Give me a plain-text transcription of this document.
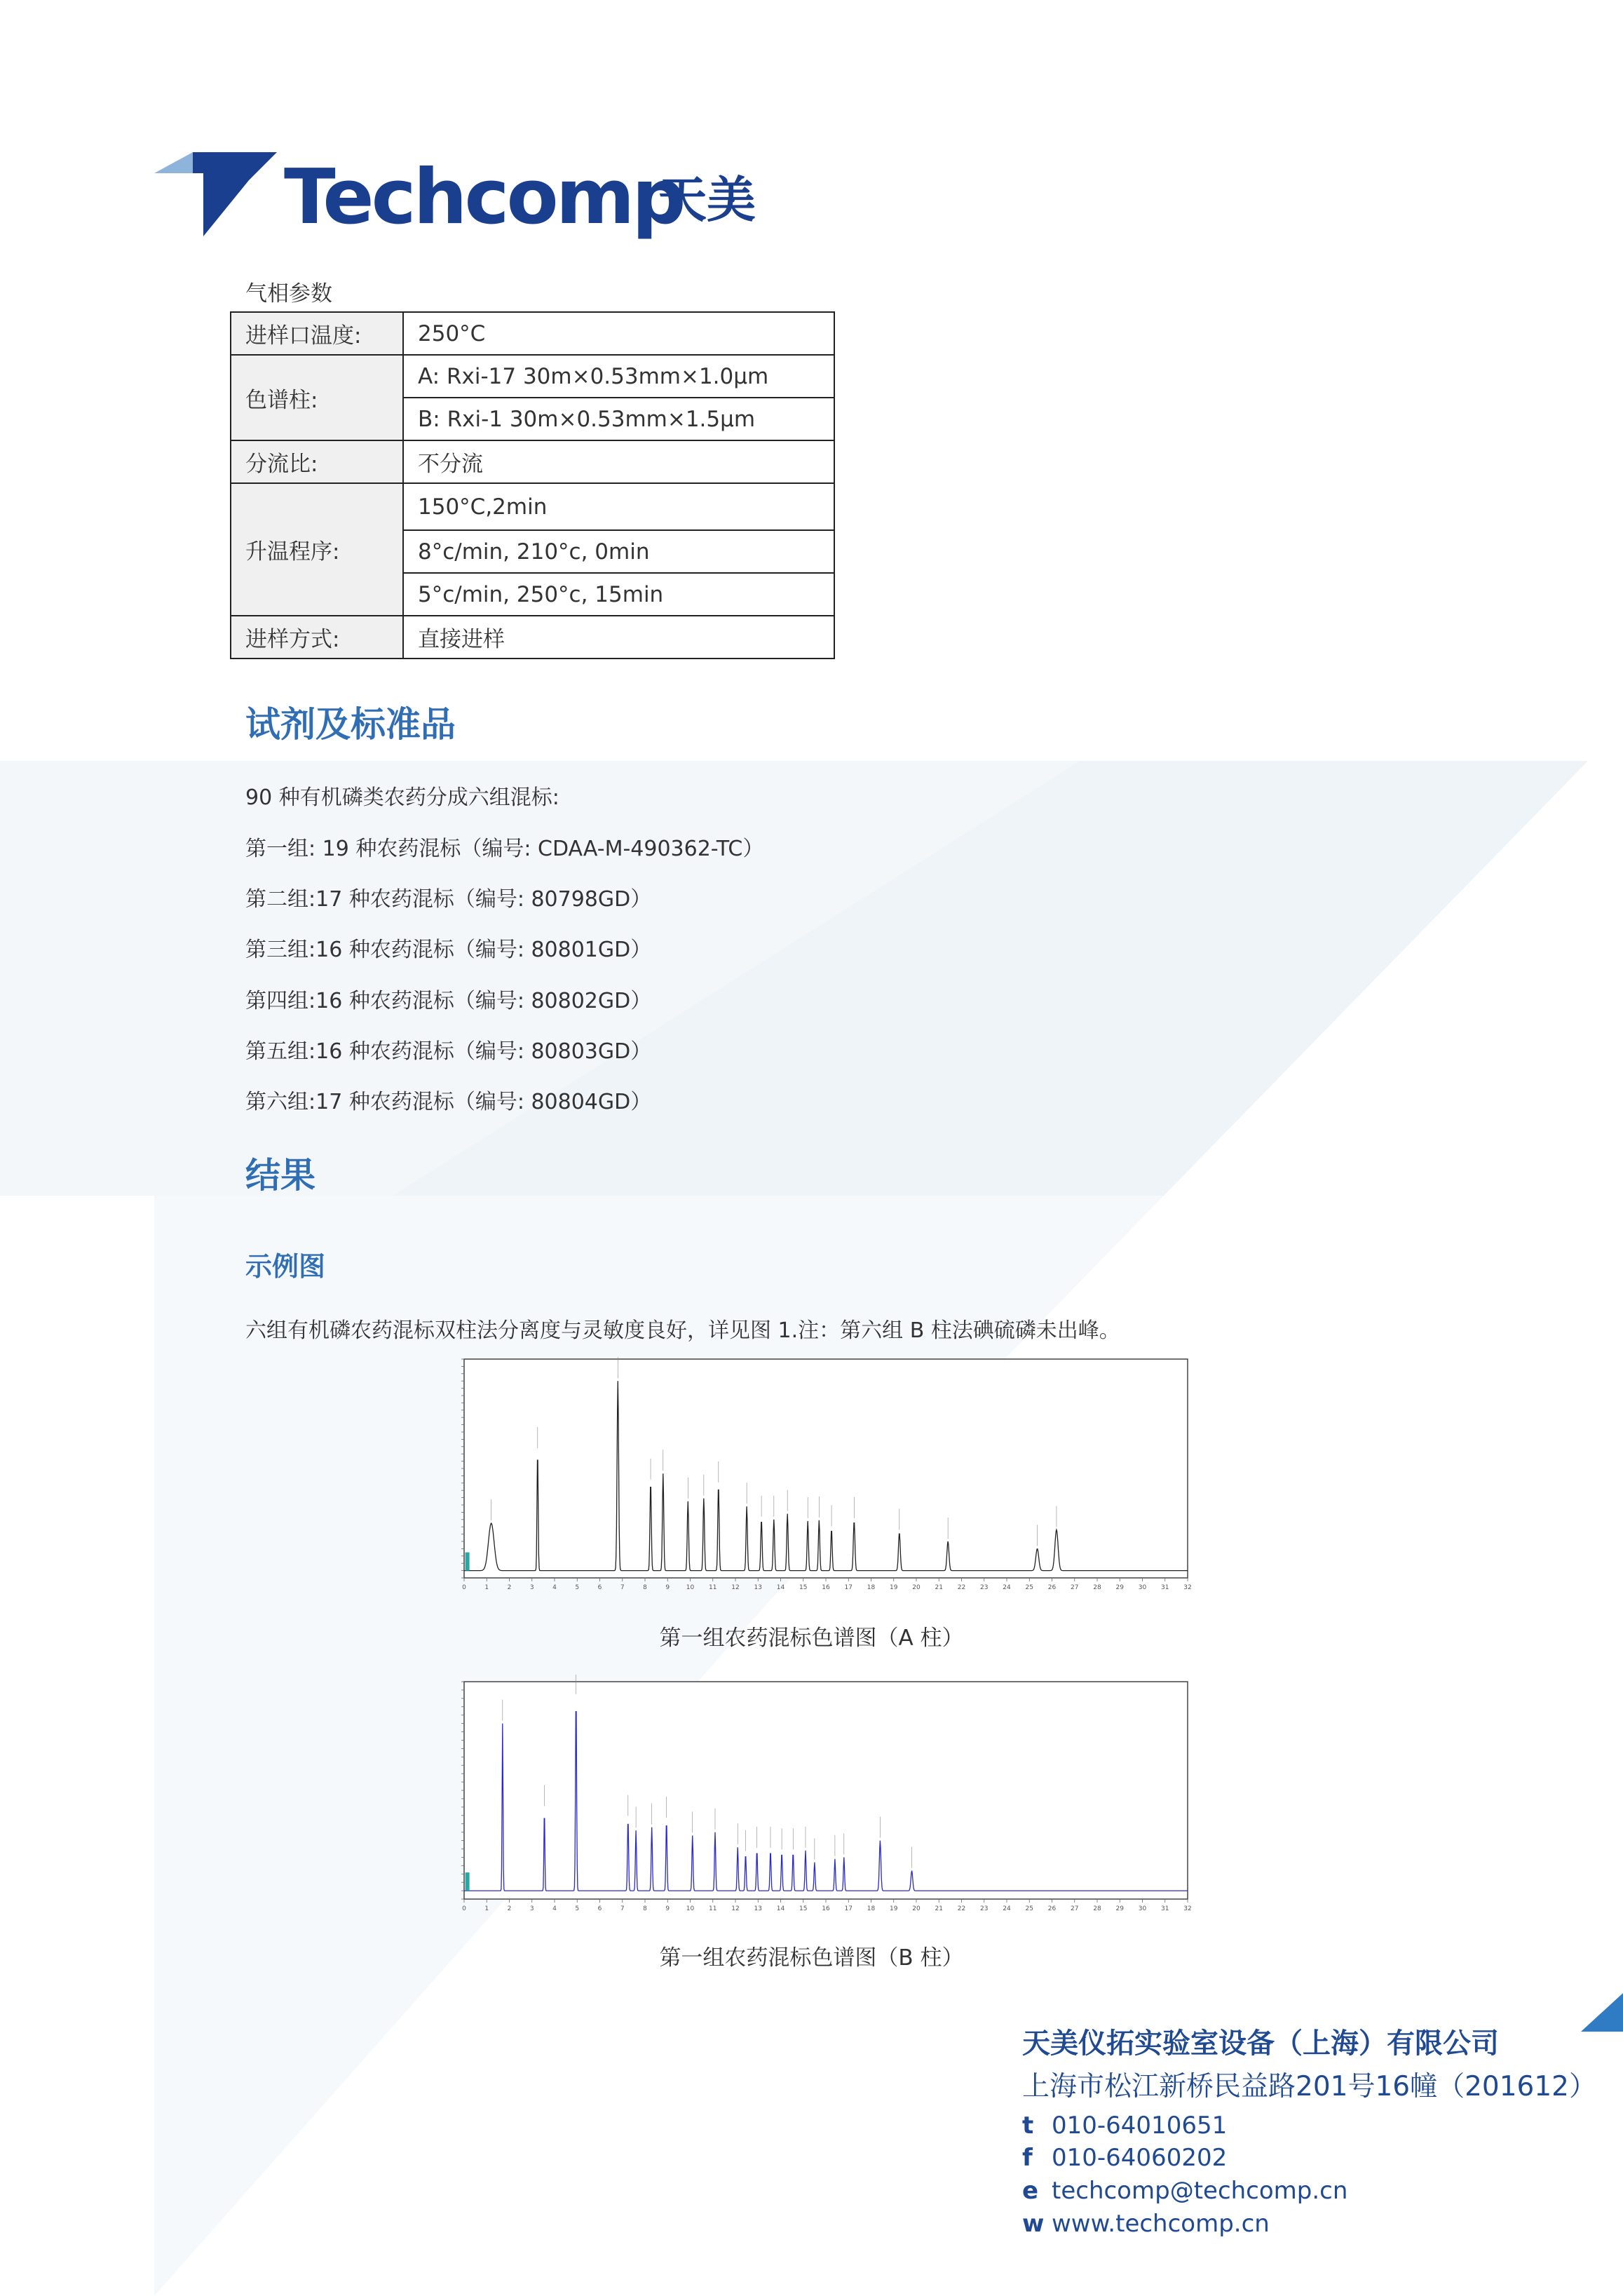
Techcomp
天美
气相参数
进样口温度:	250°C
色谱柱:	A: Rxi-17 30m×0.53mm×1.0μm
	B: Rxi-1 30m×0.53mm×1.5μm
分流比:	不分流
升温程序:	150°C,2min
	8°c/min, 210°c, 0min
	5°c/min, 250°c, 15min
进样方式:	直接进样
试剂及标准品
90 种有机磷类农药分成六组混标:
第一组: 19 种农药混标（编号: CDAA-M-490362-TC）
第二组:17 种农药混标（编号: 80798GD）
第三组:16 种农药混标（编号: 80801GD）
第四组:16 种农药混标（编号: 80802GD）
第五组:16 种农药混标（编号: 80803GD）
第六组:17 种农药混标（编号: 80804GD）
结果
示例图
六组有机磷农药混标双柱法分离度与灵敏度良好，详见图 1.注：第六组 B 柱法碘硫磷未出峰。
0	1	2	3	4	5	6	7	8	9	10 11 12 13 14 15 16 17 18 19 20 21 22 23 24 25 26 27 28 29 30 31 32
第一组农药混标色谱图（A 柱）
0	1	2	3	4	5	6	7	8	9	10 11 12 13 14 15 16 17 18 19 20 21 22 23 24 25 26 27 28 29 30 31 32
第一组农药混标色谱图（B 柱）
天美仪拓实验室设备（上海）有限公司
上海市松江新桥民益路201号16幢（201612）
t 010-64010651
f 010-64060202
e techcomp@techcomp.cn
w www.techcomp.cn
